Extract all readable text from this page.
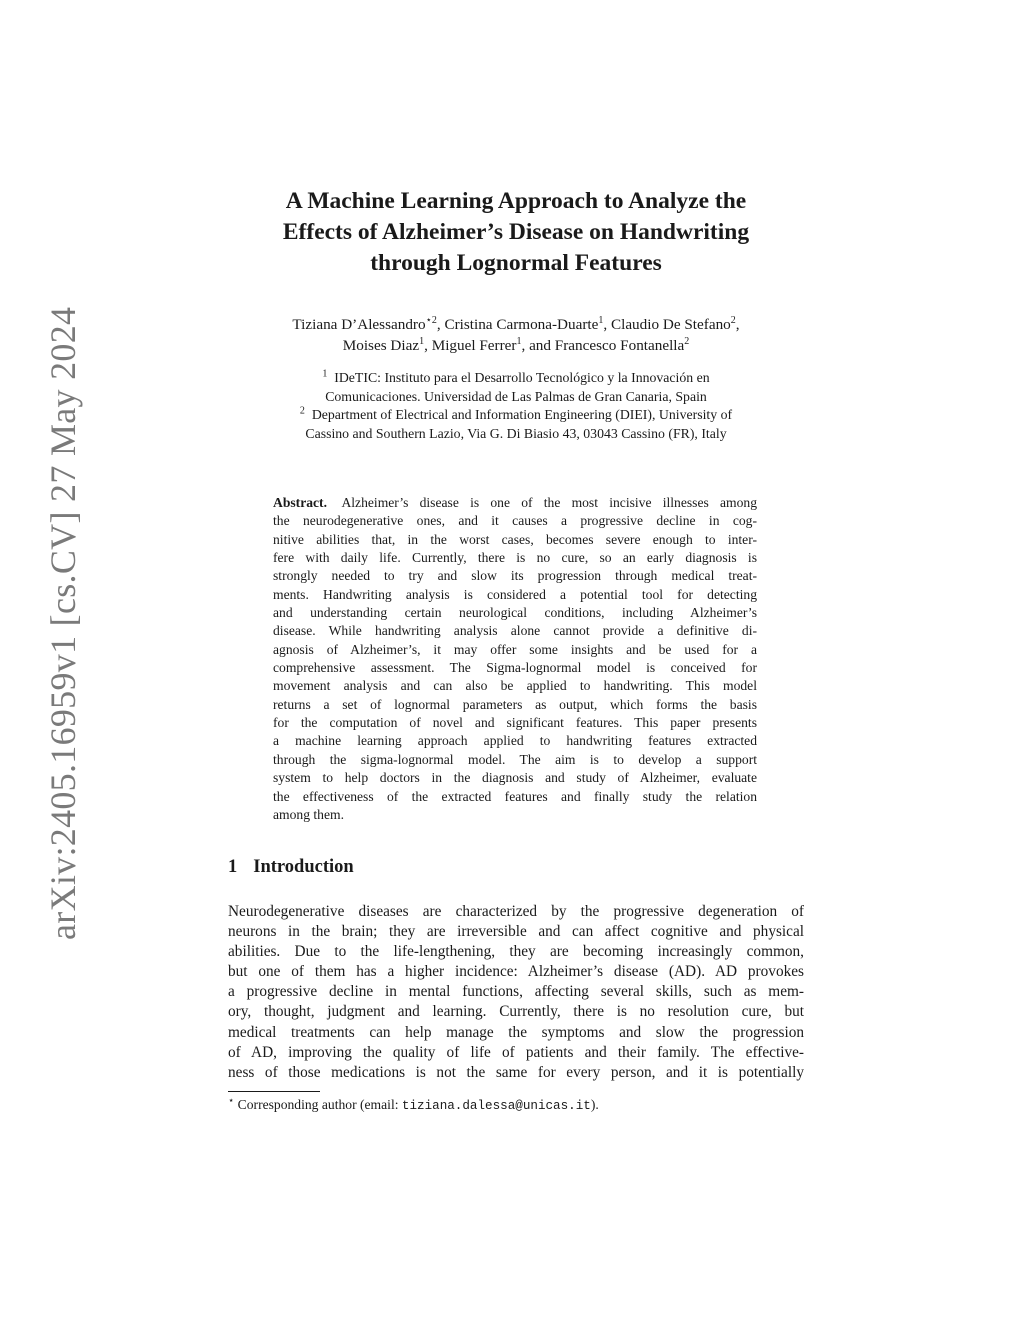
arXiv:2405.16959v1 [cs.CV] 27 May 2024
A Machine Learning Approach to Analyze the
Effects of Alzheimer’s Disease on Handwriting
through Lognormal Features
Tiziana D’Alessandro$^{⋆2}$, Cristina Carmona-Duarte$^1$, Claudio De Stefano$^2$,
Moises Diaz$^1$, Miguel Ferrer$^1$, and Francesco Fontanella$^2$
$^1$ IDeTIC: Instituto para el Desarrollo Tecnológico y la Innovación en
Comunicaciones. Universidad de Las Palmas de Gran Canaria, Spain
$^2$ Department of Electrical and Information Engineering (DIEI), University of
Cassino and Southern Lazio, Via G. Di Biasio 43, 03043 Cassino (FR), Italy
Abstract. Alzheimer’s disease is one of the most incisive illnesses among
the neurodegenerative ones, and it causes a progressive decline in cog-
nitive abilities that, in the worst cases, becomes severe enough to inter-
fere with daily life. Currently, there is no cure, so an early diagnosis is
strongly needed to try and slow its progression through medical treat-
ments. Handwriting analysis is considered a potential tool for detecting
and understanding certain neurological conditions, including Alzheimer’s
disease. While handwriting analysis alone cannot provide a definitive di-
agnosis of Alzheimer’s, it may offer some insights and be used for a
comprehensive assessment. The Sigma-lognormal model is conceived for
movement analysis and can also be applied to handwriting. This model
returns a set of lognormal parameters as output, which forms the basis
for the computation of novel and significant features. This paper presents
a machine learning approach applied to handwriting features extracted
through the sigma-lognormal model. The aim is to develop a support
system to help doctors in the diagnosis and study of Alzheimer, evaluate
the effectiveness of the extracted features and finally study the relation
among them.
1 Introduction
Neurodegenerative diseases are characterized by the progressive degeneration of
neurons in the brain; they are irreversible and can affect cognitive and physical
abilities. Due to the life-lengthening, they are becoming increasingly common,
but one of them has a higher incidence: Alzheimer’s disease (AD). AD provokes
a progressive decline in mental functions, affecting several skills, such as mem-
ory, thought, judgment and learning. Currently, there is no resolution cure, but
medical treatments can help manage the symptoms and slow the progression
of AD, improving the quality of life of patients and their family. The effective-
ness of those medications is not the same for every person, and it is potentially
⋆ Corresponding author (email: tiziana.dalessa@unicas.it).
